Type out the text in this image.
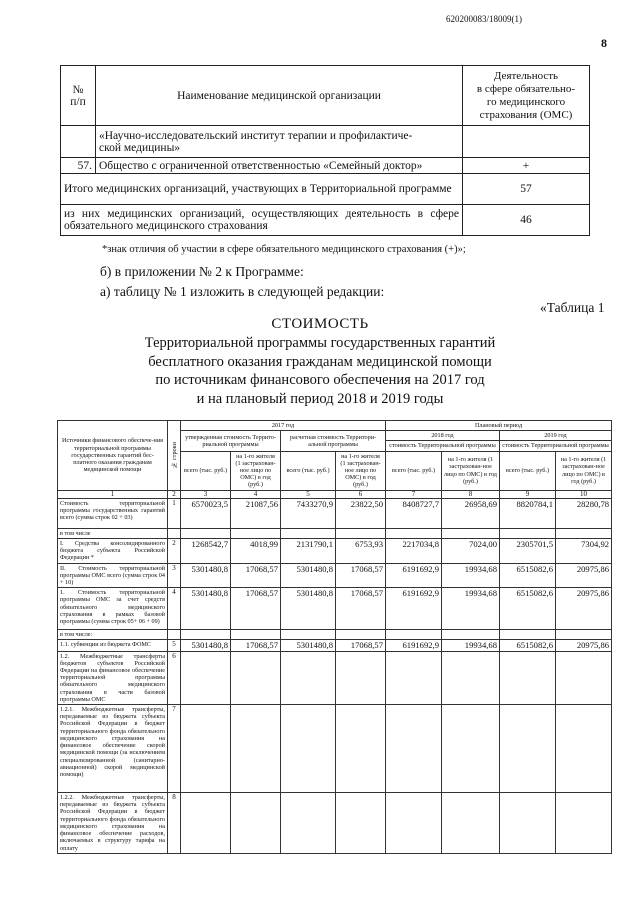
620200083/18009(1)
8
№
п/п	Наименование медицинской организации	Деятельность
в сфере обязательно-
го медицинского
страхования (ОМС)
	«Научно-исследовательский институт терапии и профилактиче-
ской медицины»	
57.	Общество с ограниченной ответственностью «Семейный доктор»	+
Итого медицинских организаций, участвующих в Территориальной программе		57
из них медицинских организаций, осуществляющих деятельность в сфере обязательного медицинского страхования		46
*знак отличия об участии в сфере обязательного медицинского страхования (+)»;
б) в приложении № 2 к Программе:
а) таблицу № 1 изложить в следующей редакции:
«Таблица 1
СТОИМОСТЬ
Территориальной программы государственных гарантий
бесплатного оказания гражданам медицинской помощи
по источникам финансового обеспечения на 2017 год
и на плановый период 2018 и 2019 годы
Источники финансового обеспече-ния территориальной программы государственных гарантий бес-платного оказания гражданам медицинской помощи	№ строки	2017 год				Плановый период			
		утвержденная стоимость Террито-риальной программы		расчетная стоимость Территори-альной программы		2018 год		2019 год	
						стоимость Территориальной программы		стоимость Территориальной программы	
		всего (тыс. руб.)	на 1-го жителя (1 застрахован-ное лицо по ОМС) в год (руб.)	всего (тыс. руб.)	на 1-го жителя (1 застрахован-ное лицо по ОМС) в год (руб.)	всего (тыс. руб.)	на 1-го жителя (1 застрахован-ное лицо по ОМС) в год (руб.)	всего (тыс. руб.)	на 1-го жителя (1 застрахован-ное лицо по ОМС) в год (руб.)
1	2	3	4	5	6	7	8	9	10
Стоимость территориальной программы государственных гарантий всего (сумма строк 02 + 03)	1	6570023,5	21087,56	7433270,9	23822,50	8408727,7	26958,69	8820784,1	28280,78
в том числе									
I. Средства консолидированного бюджета субъекта Российской Федерации *	2	1268542,7	4018,99	2131790,1	6753,93	2217034,8	7024,00	2305701,5	7304,92
II. Стоимость территориальной программы ОМС всего (сумма строк 04 + 10)	3	5301480,8	17068,57	5301480,8	17068,57	6191692,9	19934,68	6515082,6	20975,86
1. Стоимость территориальной программы ОМС за счет средств обязательного медицинского страхования в рамках базовой программы (сумма строк 05+ 06 + 09)	4	5301480,8	17068,57	5301480,8	17068,57	6191692,9	19934,68	6515082,6	20975,86
в том числе:									
1.1. субвенции из бюджета ФОМС	5	5301480,8	17068,57	5301480,8	17068,57	6191692,9	19934,68	6515082,6	20975,86
1.2. Межбюджетные трансферты бюджетов субъектов Российской Федерации на финансовое обеспечение территориальной программы обязательного медицинского страхования в части базовой программы ОМС	6								
1.2.1. Межбюджетные трансферты, передаваемые из бюджета субъекта Российской Федерации в бюджет территориального фонда обязательного медицинского страхования на финансовое обеспечение скорой медицинской помощи (за исключением специализированной (санитарно-авиационной) скорой медицинской помощи)	7								
1.2.2. Межбюджетные трансферты, передаваемые из бюджета субъекта Российской Федерации в бюджет территориального фонда обязательного медицинского страхования на финансовое обеспечение расходов, включаемых в структуру тарифа на оплату	8								
